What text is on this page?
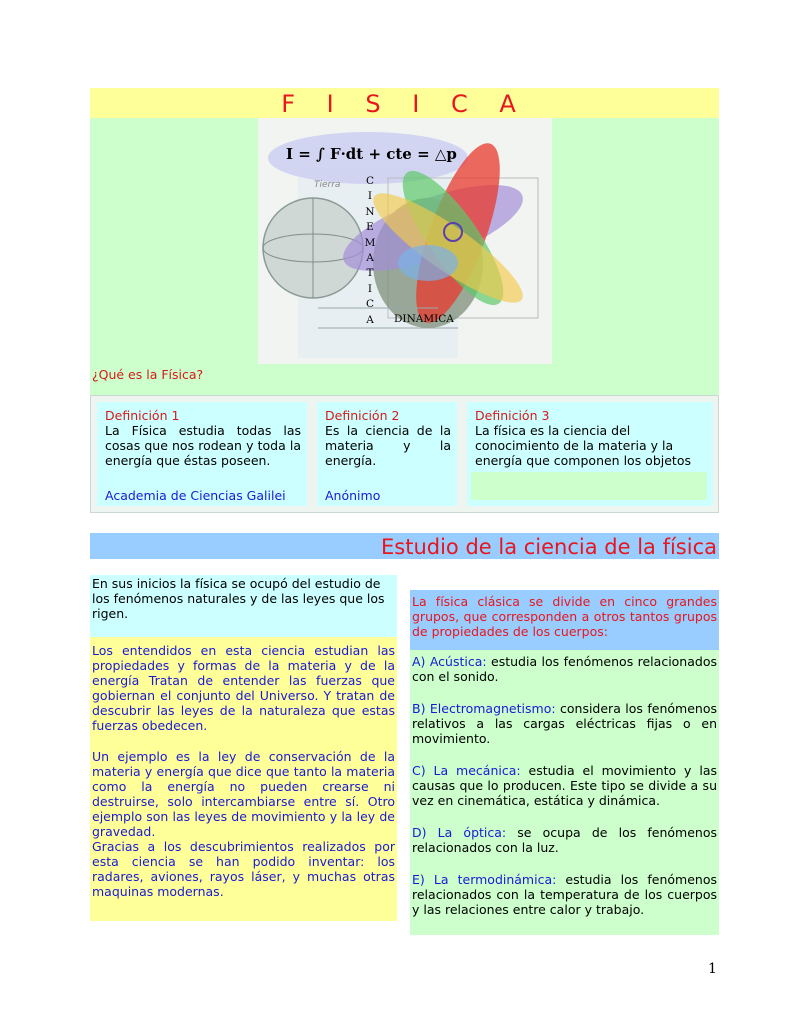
F I S I C A
I = ∫ F·dt + cte = △p
Tierra C
I
N
E
M
A
T
I
C
A DINAMICA
¿Qué es la Física?
Definición 1
La Física estudia todas las cosas que nos rodean y toda la energía que éstas poseen.
Academia de Ciencias Galilei
Definición 2
Es la ciencia de la materia y la energía.
Anónimo
Definición 3
La física es la ciencia del conocimiento de la materia y la energía que componen los objetos
Estudio de la ciencia de la física

En sus inicios la física se ocupó del estudio de los fenómenos naturales y de las leyes que los rigen.

Los entendidos en esta ciencia estudian las propiedades y formas de la materia y de la energía Tratan de entender las fuerzas que gobiernan el conjunto del Universo. Y tratan de descubrir las leyes de la naturaleza que estas fuerzas obedecen.

Un ejemplo es la ley de conservación de la materia y energía que dice que tanto la materia como la energía no pueden crearse ni destruirse, solo intercambiarse entre sí. Otro ejemplo son las leyes de movimiento y la ley de gravedad.

Gracias a los descubrimientos realizados por esta ciencia se han podido inventar: los radares, aviones, rayos láser, y muchas otras maquinas modernas.

La física clásica se divide en cinco grandes grupos, que corresponden a otros tantos grupos de propiedades de los cuerpos:

A) Acústica: estudia los fenómenos relacionados con el sonido.

B) Electromagnetismo: considera los fenómenos relativos a las cargas eléctricas fijas o en movimiento.

C) La mecánica: estudia el movimiento y las causas que lo producen. Este tipo se divide a su vez en cinemática, estática y dinámica.

D) La óptica: se ocupa de los fenómenos relacionados con la luz.

E) La termodinámica: estudia los fenómenos relacionados con la temperatura de los cuerpos y las relaciones entre calor y trabajo.

1
